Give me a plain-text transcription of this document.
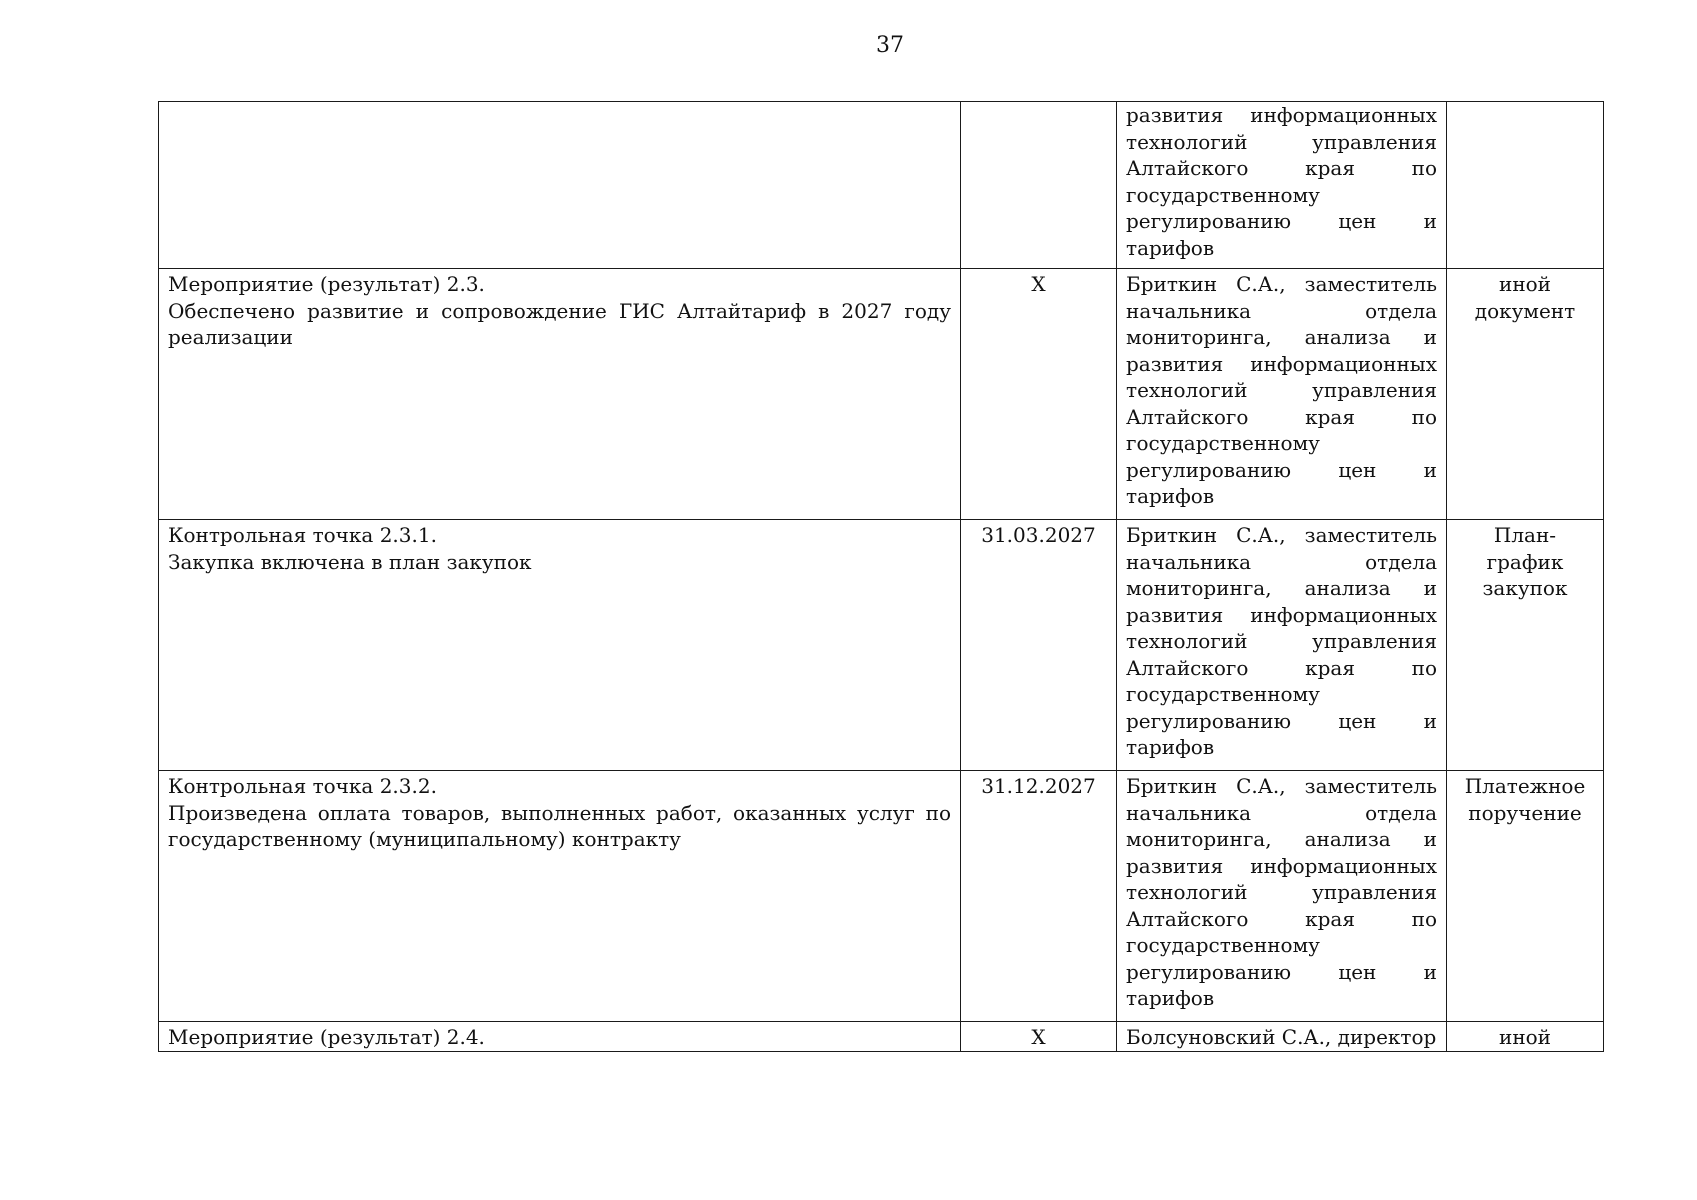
37
		развития информационных технологий управления Алтайского края по государственному регулированию цен и тарифов	

Мероприятие (результат) 2.3.
Обеспечено развитие и сопровождение ГИС Алтайтариф в 2027 году реализации	X	Бриткин С.А., заместитель начальника отдела мониторинга, анализа и развития информационных технологий управления Алтайского края по государственному регулированию цен и тарифов	иной документ

Контрольная точка 2.3.1.
Закупка включена в план закупок	31.03.2027	Бриткин С.А., заместитель начальника отдела мониторинга, анализа и развития информационных технологий управления Алтайского края по государственному регулированию цен и тарифов	План-график закупок

Контрольная точка 2.3.2.
Произведена оплата товаров, выполненных работ, оказанных услуг по государственному (муниципальному) контракту	31.12.2027	Бриткин С.А., заместитель начальника отдела мониторинга, анализа и развития информационных технологий управления Алтайского края по государственному регулированию цен и тарифов	Платежное поручение

Мероприятие (результат) 2.4.	X	Болсуновский С.А., директор	иной
